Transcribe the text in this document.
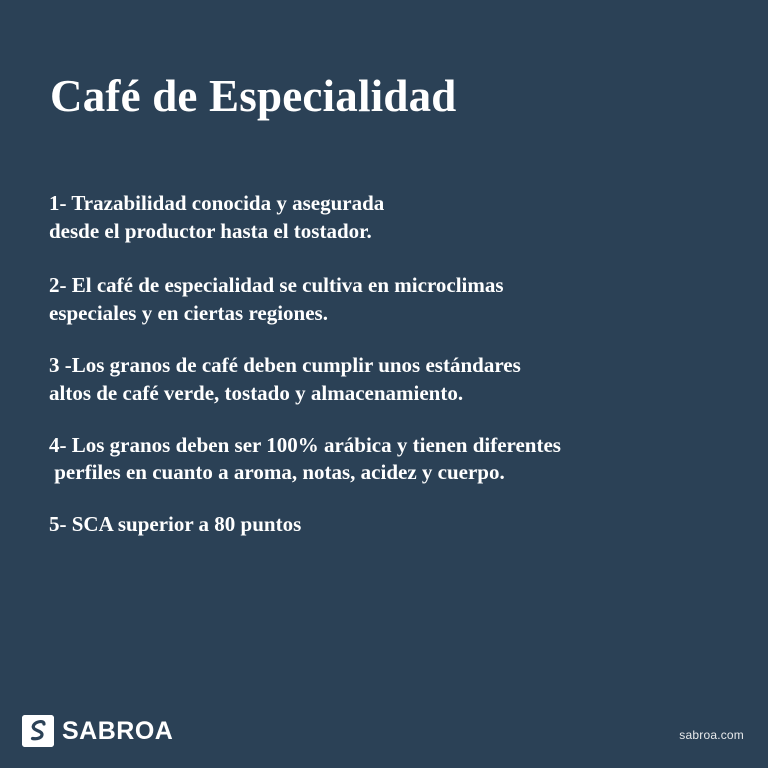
Café de Especialidad
1- Trazabilidad conocida y asegurada
desde el productor hasta el tostador.
2- El café de especialidad se cultiva en microclimas
especiales y en ciertas regiones.
3 -Los granos de café deben cumplir unos estándares
altos de café verde, tostado y almacenamiento.
4- Los granos deben ser 100% arábica y tienen diferentes
perfiles en cuanto a aroma, notas, acidez y cuerpo.
5- SCA superior a 80 puntos
SABROA	sabroa.com
